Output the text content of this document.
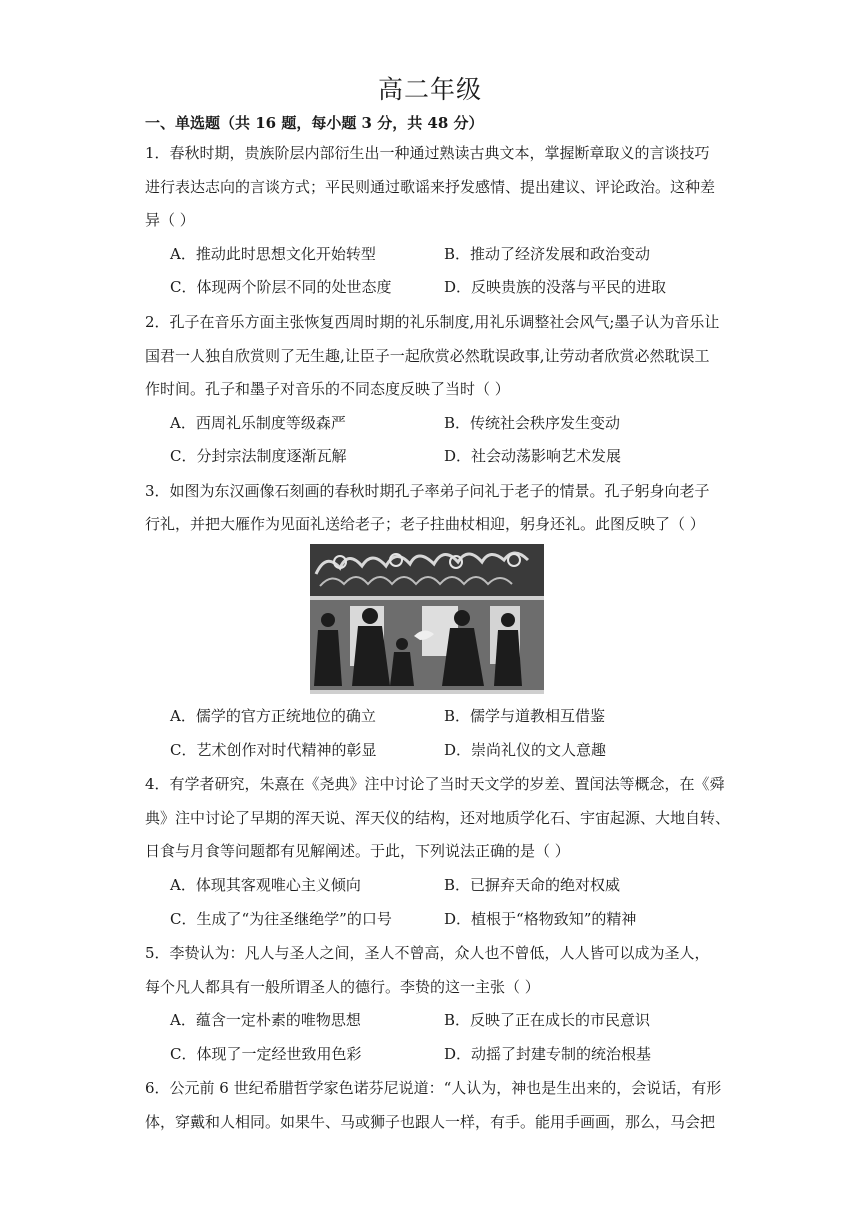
高二年级
一、单选题（共 16 题，每小题 3 分，共 48 分）
1．春秋时期，贵族阶层内部衍生出一种通过熟读古典文本，掌握断章取义的言谈技巧
进行表达志向的言谈方式；平民则通过歌谣来抒发感情、提出建议、评论政治。这种差
异（ ）
A．推动此时思想文化开始转型	B．推动了经济发展和政治变动
C．体现两个阶层不同的处世态度	D．反映贵族的没落与平民的进取
2．孔子在音乐方面主张恢复西周时期的礼乐制度,用礼乐调整社会风气;墨子认为音乐让
国君一人独自欣赏则了无生趣,让臣子一起欣赏必然耽误政事,让劳动者欣赏必然耽误工
作时间。孔子和墨子对音乐的不同态度反映了当时（ ）
A．西周礼乐制度等级森严	B．传统社会秩序发生变动
C．分封宗法制度逐渐瓦解	D．社会动荡影响艺术发展
3．如图为东汉画像石刻画的春秋时期孔子率弟子问礼于老子的情景。孔子躬身向老子
行礼，并把大雁作为见面礼送给老子；老子拄曲杖相迎，躬身还礼。此图反映了（ ）
A．儒学的官方正统地位的确立	B．儒学与道教相互借鉴
C．艺术创作对时代精神的彰显	D．崇尚礼仪的文人意趣
4．有学者研究，朱熹在《尧典》注中讨论了当时天文学的岁差、置闰法等概念，在《舜
典》注中讨论了早期的浑天说、浑天仪的结构，还对地质学化石、宇宙起源、大地自转、
日食与月食等问题都有见解阐述。于此，下列说法正确的是（ ）
A．体现其客观唯心主义倾向	B．已摒弃天命的绝对权威
C．生成了“为往圣继绝学”的口号	D．植根于“格物致知”的精神
5．李贽认为：凡人与圣人之间，圣人不曾高，众人也不曾低，人人皆可以成为圣人，
每个凡人都具有一般所谓圣人的德行。李贽的这一主张（ ）
A．蕴含一定朴素的唯物思想	B．反映了正在成长的市民意识
C．体现了一定经世致用色彩	D．动摇了封建专制的统治根基
6．公元前 6 世纪希腊哲学家色诺芬尼说道：“人认为，神也是生出来的，会说话，有形
体，穿戴和人相同。如果牛、马或狮子也跟人一样，有手。能用手画画，那么，马会把
